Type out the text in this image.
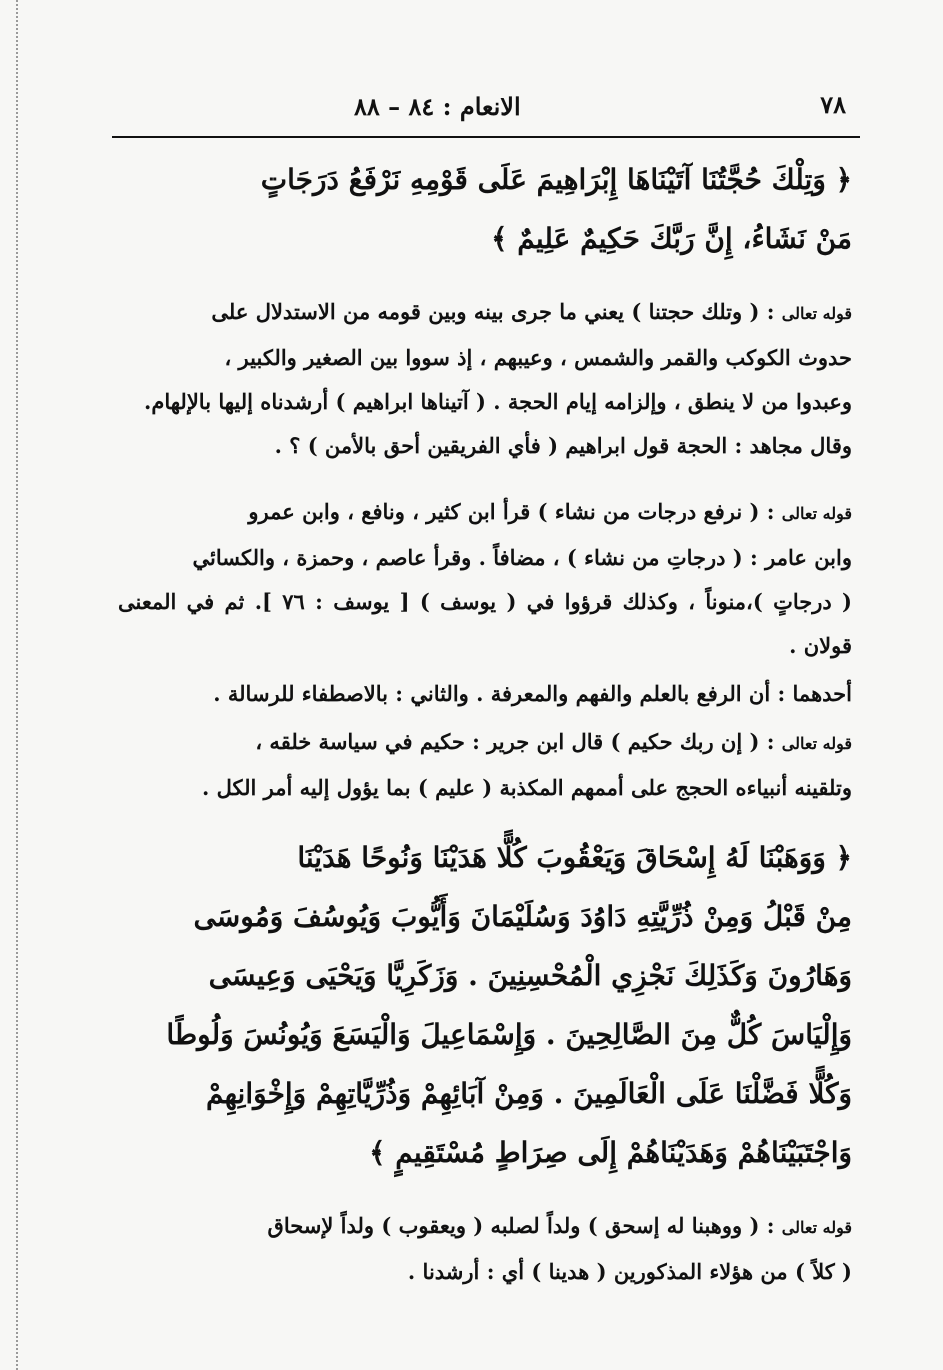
٧٨
الانعام : ٨٤ – ٨٨
﴿ وَتِلْكَ حُجَّتُنَا آتَيْنَاهَا إِبْرَاهِيمَ عَلَى قَوْمِهِ نَرْفَعُ دَرَجَاتٍ
مَنْ نَشَاءُ، إِنَّ رَبَّكَ حَكِيمٌ عَلِيمٌ ﴾
قوله تعالى : ( وتلك حجتنا ) يعني ما جرى بينه وبين قومه من الاستدلال على
حدوث الكوكب والقمر والشمس ، وعيبهم ، إذ سووا بين الصغير والكبير ،
وعبدوا من لا ينطق ، وإلزامه إيام الحجة . ( آتيناها ابراهيم ) أرشدناه إليها بالإلهام.
وقال مجاهد : الحجة قول ابراهيم ( فأي الفريقين أحق بالأمن ) ؟ .
قوله تعالى : ( نرفع درجات من نشاء ) قرأ ابن كثير ، ونافع ، وابن عمرو
وابن عامر : ( درجاتِ من نشاء ) ، مضافاً . وقرأ عاصم ، وحمزة ، والكسائي
( درجاتٍ )،منوناً ، وكذلك قرؤوا في ( يوسف ) [ يوسف : ٧٦ ]. ثم في المعنى قولان .
أحدهما : أن الرفع بالعلم والفهم والمعرفة . والثاني : بالاصطفاء للرسالة .
قوله تعالى : ( إن ربك حكيم ) قال ابن جرير : حكيم في سياسة خلقه ،
وتلقينه أنبياءه الحجج على أممهم المكذبة ( عليم ) بما يؤول إليه أمر الكل .
﴿ وَوَهَبْنَا لَهُ إِسْحَاقَ وَيَعْقُوبَ كُلًّا هَدَيْنَا وَنُوحًا هَدَيْنَا
مِنْ قَبْلُ وَمِنْ ذُرِّيَّتِهِ دَاوُدَ وَسُلَيْمَانَ وَأَيُّوبَ وَيُوسُفَ وَمُوسَى
وَهَارُونَ وَكَذَلِكَ نَجْزِي الْمُحْسِنِينَ . وَزَكَرِيَّا وَيَحْيَى وَعِيسَى
وَإِلْيَاسَ كُلٌّ مِنَ الصَّالِحِينَ . وَإِسْمَاعِيلَ وَالْيَسَعَ وَيُونُسَ وَلُوطًا
وَكُلًّا فَضَّلْنَا عَلَى الْعَالَمِينَ . وَمِنْ آبَائِهِمْ وَذُرِّيَّاتِهِمْ وَإِخْوَانِهِمْ
وَاجْتَبَيْنَاهُمْ وَهَدَيْنَاهُمْ إِلَى صِرَاطٍ مُسْتَقِيمٍ ﴾
قوله تعالى : ( ووهبنا له إسحق ) ولداً لصلبه ( ويعقوب ) ولداً لإسحاق
( كلاً ) من هؤلاء المذكورين ( هدينا ) أي : أرشدنا .
